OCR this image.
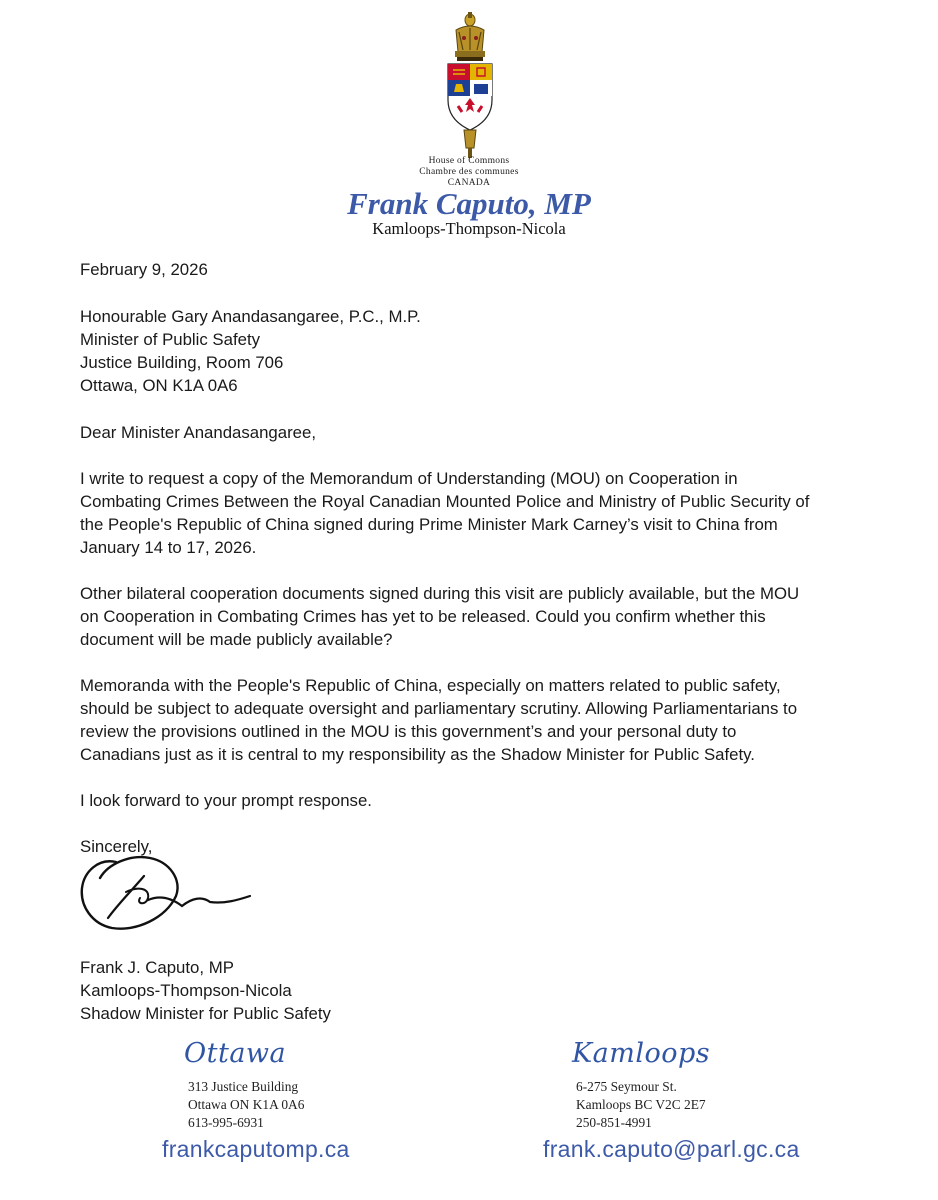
House of Commons
Chambre des communes
CANADA
Frank Caputo, MP
Kamloops-Thompson-Nicola
February 9, 2026
Honourable Gary Anandasangaree, P.C., M.P.
Minister of Public Safety
Justice Building, Room 706
Ottawa, ON K1A 0A6
Dear Minister Anandasangaree,
I write to request a copy of the Memorandum of Understanding (MOU) on Cooperation in
Combating Crimes Between the Royal Canadian Mounted Police and Ministry of Public Security of
the People's Republic of China signed during Prime Minister Mark Carney’s visit to China from
January 14 to 17, 2026.
Other bilateral cooperation documents signed during this visit are publicly available, but the MOU
on Cooperation in Combating Crimes has yet to be released. Could you confirm whether this
document will be made publicly available?
Memoranda with the People's Republic of China, especially on matters related to public safety,
should be subject to adequate oversight and parliamentary scrutiny. Allowing Parliamentarians to
review the provisions outlined in the MOU is this government’s and your personal duty to
Canadians just as it is central to my responsibility as the Shadow Minister for Public Safety.
I look forward to your prompt response.
Sincerely,
Frank J. Caputo, MP
Kamloops-Thompson-Nicola
Shadow Minister for Public Safety
Ottawa
313 Justice Building
Ottawa ON K1A 0A6
613-995-6931
Kamloops
6-275 Seymour St.
Kamloops BC V2C 2E7
250-851-4991
frankcaputomp.ca	frank.caputo@parl.gc.ca
